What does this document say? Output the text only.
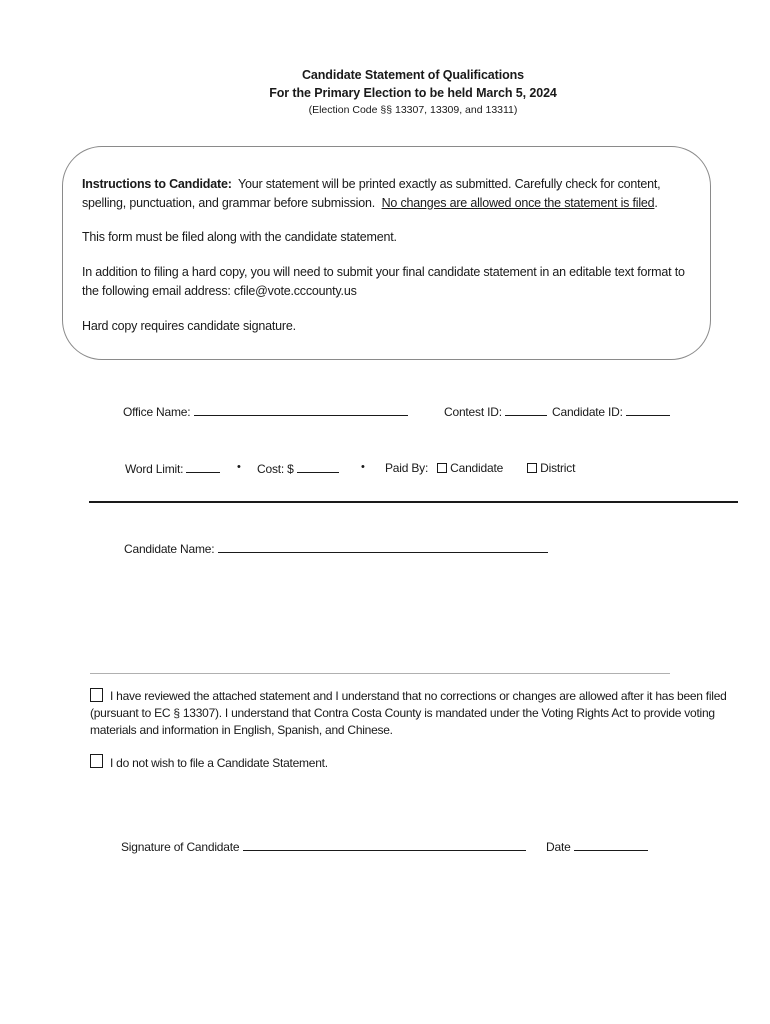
Candidate Statement of Qualifications
For the Primary Election to be held March 5, 2024
(Election Code §§ 13307, 13309, and 13311)
Instructions to Candidate: Your statement will be printed exactly as submitted. Carefully check for content, spelling, punctuation, and grammar before submission. No changes are allowed once the statement is filed.
This form must be filed along with the candidate statement.
In addition to filing a hard copy, you will need to submit your final candidate statement in an editable text format to the following email address: cfile@vote.cccounty.us
Hard copy requires candidate signature.
Office Name:	Contest ID:	Candidate ID:
Word Limit:	• Cost: $	• Paid By:	Candidate	District
Candidate Name:
I have reviewed the attached statement and I understand that no corrections or changes are allowed after it has been filed (pursuant to EC § 13307). I understand that Contra Costa County is mandated under the Voting Rights Act to provide voting materials and information in English, Spanish, and Chinese.
I do not wish to file a Candidate Statement.
Signature of Candidate	Date
